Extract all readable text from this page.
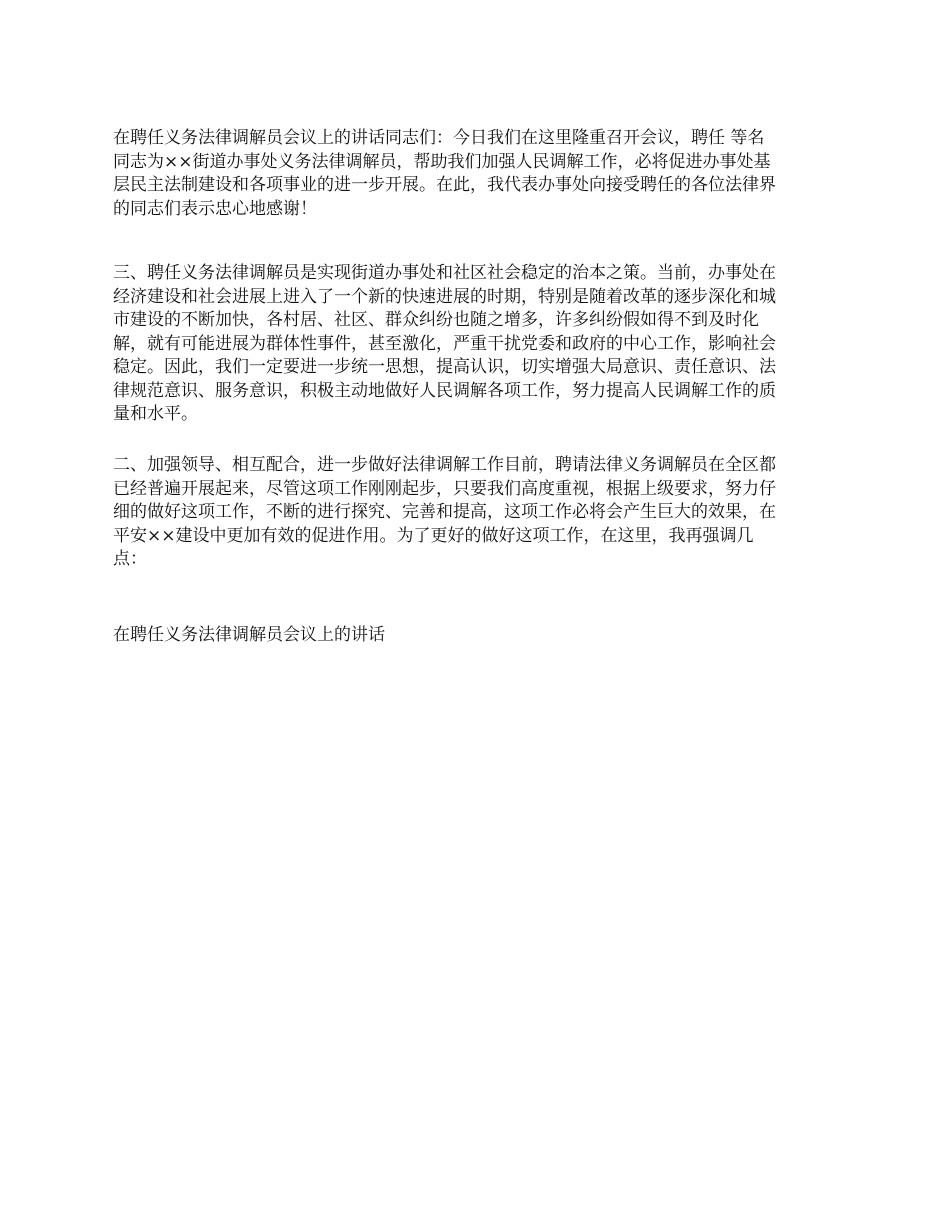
在聘任义务法律调解员会议上的讲话同志们：今日我们在这里隆重召开会议，聘任 等名
同志为××街道办事处义务法律调解员，帮助我们加强人民调解工作，必将促进办事处基
层民主法制建设和各项事业的进一步开展。在此，我代表办事处向接受聘任的各位法律界
的同志们表示忠心地感谢！

三、聘任义务法律调解员是实现街道办事处和社区社会稳定的治本之策。当前，办事处在
经济建设和社会进展上进入了一个新的快速进展的时期，特别是随着改革的逐步深化和城
市建设的不断加快，各村居、社区、群众纠纷也随之增多，许多纠纷假如得不到及时化
解，就有可能进展为群体性事件，甚至激化，严重干扰党委和政府的中心工作，影响社会
稳定。因此，我们一定要进一步统一思想，提高认识，切实增强大局意识、责任意识、法
律规范意识、服务意识，积极主动地做好人民调解各项工作，努力提高人民调解工作的质
量和水平。

二、加强领导、相互配合，进一步做好法律调解工作目前，聘请法律义务调解员在全区都
已经普遍开展起来，尽管这项工作刚刚起步，只要我们高度重视，根据上级要求，努力仔
细的做好这项工作，不断的进行探究、完善和提高，这项工作必将会产生巨大的效果，在
平安××建设中更加有效的促进作用。为了更好的做好这项工作，在这里，我再强调几
点：

在聘任义务法律调解员会议上的讲话
